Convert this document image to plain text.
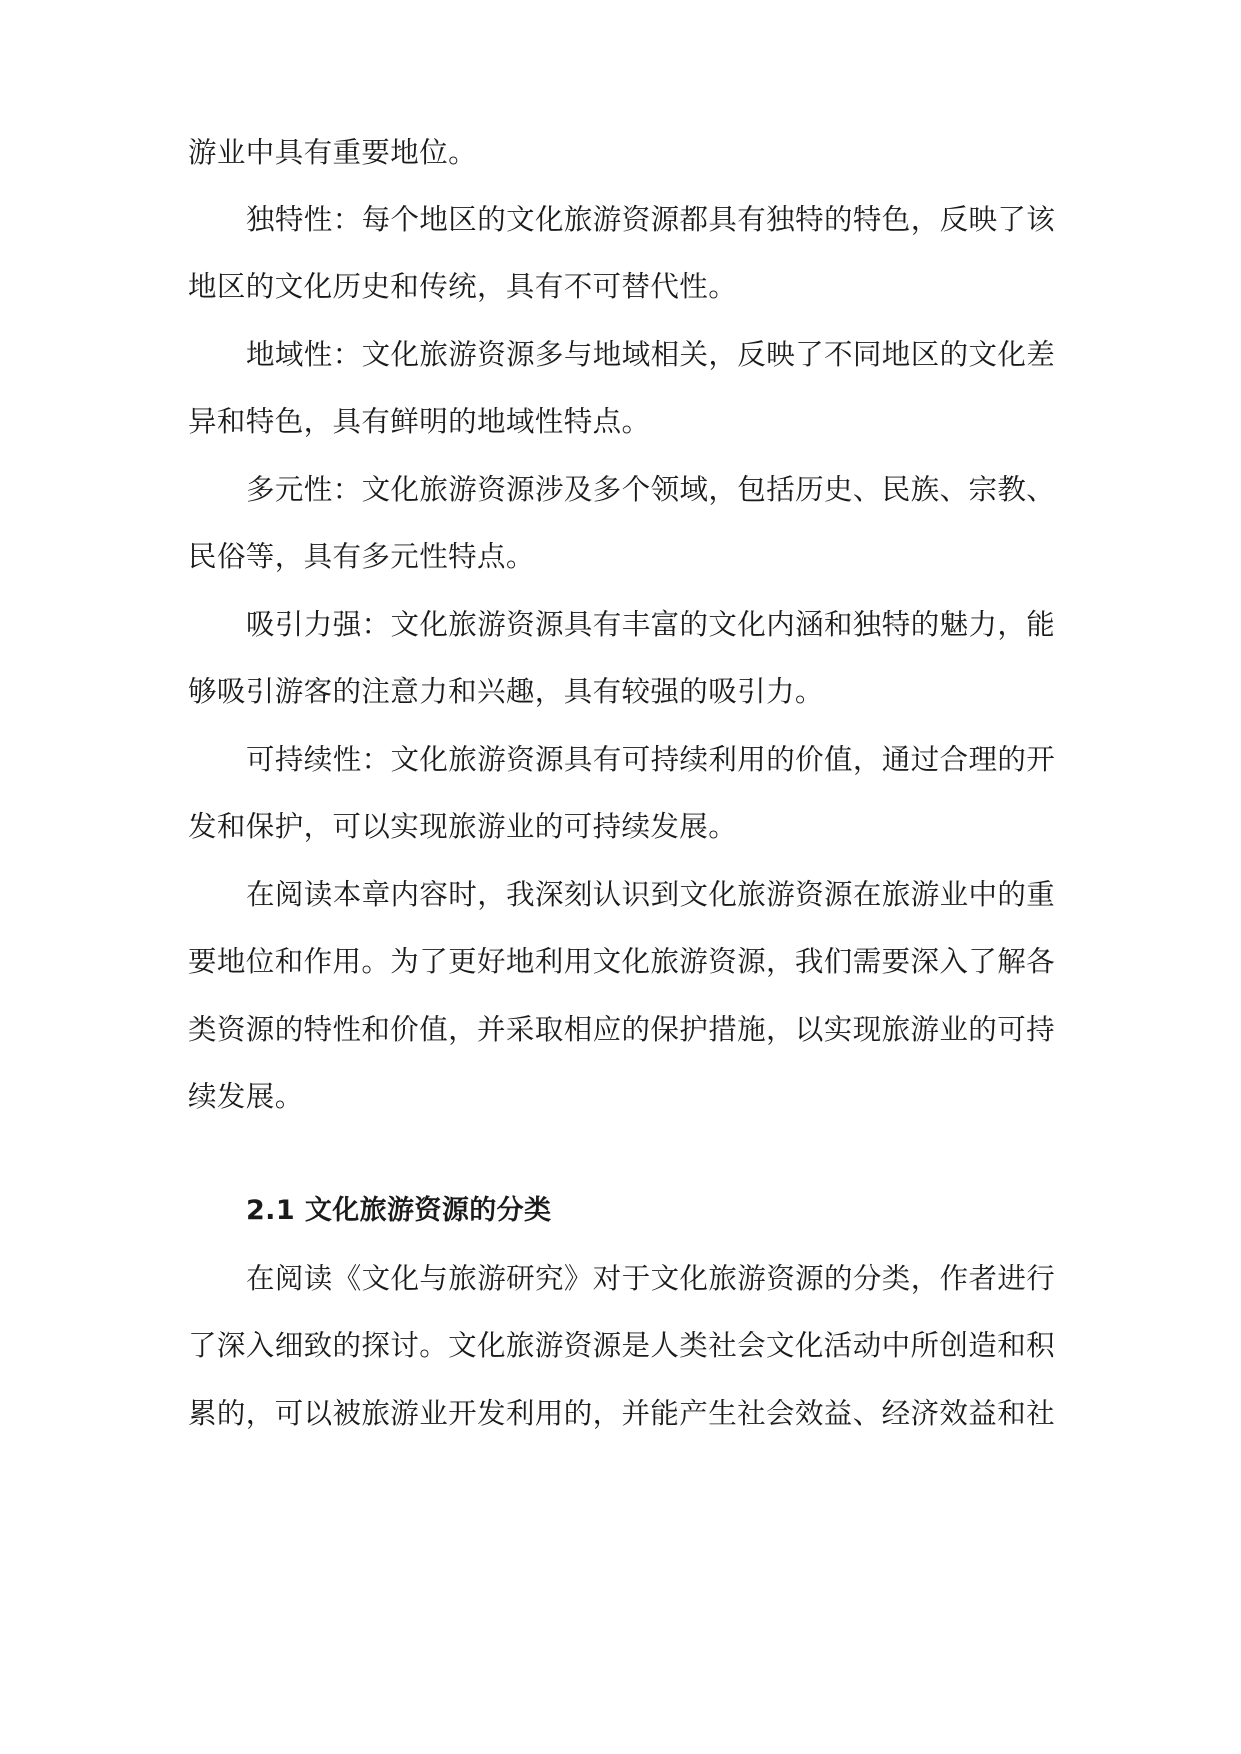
游业中具有重要地位。

独特性：每个地区的文化旅游资源都具有独特的特色，反映了该

地区的文化历史和传统，具有不可替代性。

地域性：文化旅游资源多与地域相关，反映了不同地区的文化差

异和特色，具有鲜明的地域性特点。

多元性：文化旅游资源涉及多个领域，包括历史、民族、宗教、

民俗等，具有多元性特点。

吸引力强：文化旅游资源具有丰富的文化内涵和独特的魅力，能

够吸引游客的注意力和兴趣，具有较强的吸引力。

可持续性：文化旅游资源具有可持续利用的价值，通过合理的开

发和保护，可以实现旅游业的可持续发展。

在阅读本章内容时，我深刻认识到文化旅游资源在旅游业中的重

要地位和作用。为了更好地利用文化旅游资源，我们需要深入了解各

类资源的特性和价值，并采取相应的保护措施，以实现旅游业的可持

续发展。

2.1 文化旅游资源的分类

在阅读《文化与旅游研究》对于文化旅游资源的分类，作者进行

了深入细致的探讨。文化旅游资源是人类社会文化活动中所创造和积

累的，可以被旅游业开发利用的，并能产生社会效益、经济效益和社
